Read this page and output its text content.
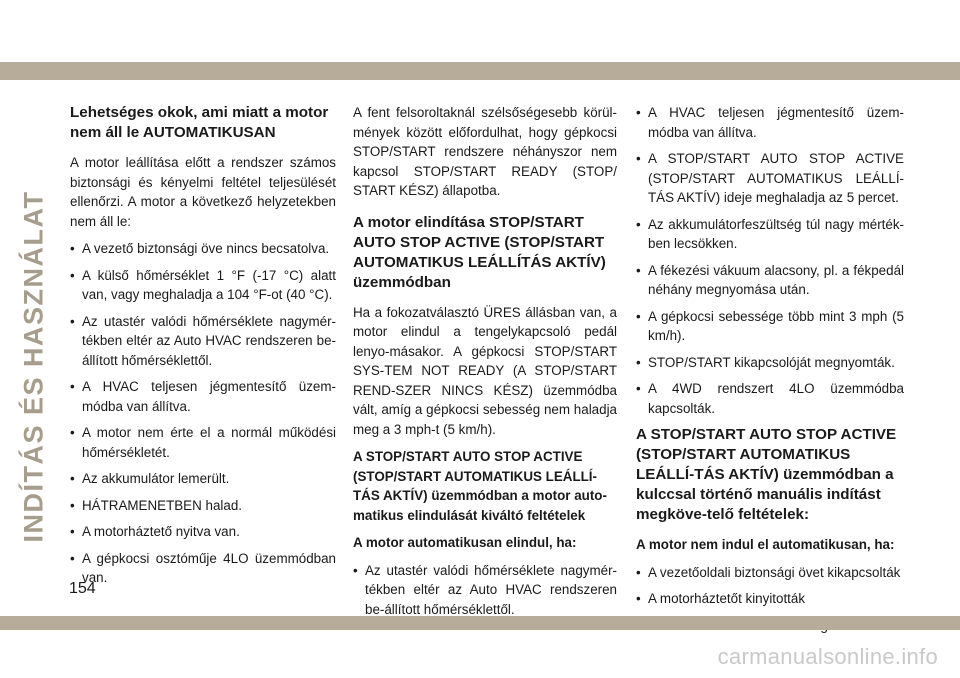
INDÍTÁS ÉS HASZNÁLAT
Lehetséges okok, ami miatt a motor nem áll le AUTOMATIKUSAN

A motor leállítása előtt a rendszer számos biztonsági és kényelmi feltétel teljesülését ellenőrzi. A motor a következő helyzetekben nem áll le:

• A vezető biztonsági öve nincs becsatolva.
• A külső hőmérséklet 1 °F (-17 °C) alatt van, vagy meghaladja a 104 °F-ot (40 °C).
• Az utastér valódi hőmérséklete nagymér-tékben eltér az Auto HVAC rendszeren be-állított hőmérséklettől.
• A HVAC teljesen jégmentesítő üzem-módba van állítva.
• A motor nem érte el a normál működési hőmérsékletét.
• Az akkumulátor lemerült.
• HÁTRAMENETBEN halad.
• A motorháztető nyitva van.
• A gépkocsi osztóműje 4LO üzemmódban van.

A fent felsoroltaknál szélsőségesebb körül-mények között előfordulhat, hogy gépkocsi STOP/START rendszere néhányszor nem kapcsol STOP/START READY (STOP/ START KÉSZ) állapotba.

A motor elindítása STOP/START AUTO STOP ACTIVE (STOP/START AUTOMATIKUS LEÁLLÍTÁS AKTÍV) üzemmódban

Ha a fokozatválasztó ÜRES állásban van, a motor elindul a tengelykapcsoló pedál lenyo-másakor. A gépkocsi STOP/START SYS-TEM NOT READY (A STOP/START REND-SZER NINCS KÉSZ) üzemmódba vált, amíg a gépkocsi sebesség nem haladja meg a 3 mph-t (5 km/h).

A STOP/START AUTO STOP ACTIVE (STOP/START AUTOMATIKUS LEÁLLÍ-TÁS AKTÍV) üzemmódban a motor auto-matikus elindulását kiváltó feltételek
A motor automatikusan elindul, ha:
• Az utastér valódi hőmérséklete nagymér-tékben eltér az Auto HVAC rendszeren be-állított hőmérséklettől.
• A HVAC teljesen jégmentesítő üzem-módba van állítva.
• A STOP/START AUTO STOP ACTIVE (STOP/START AUTOMATIKUS LEÁLLÍ-TÁS AKTÍV) ideje meghaladja az 5 percet.
• Az akkumulátorfeszültség túl nagy mérték-ben lecsökken.
• A fékezési vákuum alacsony, pl. a fékpedál néhány megnyomása után.
• A gépkocsi sebessége több mint 3 mph (5 km/h).
• STOP/START kikapcsolóját megnyomták.
• A 4WD rendszert 4LO üzemmódba kapcsolták.
A STOP/START AUTO STOP ACTIVE (STOP/START AUTOMATIKUS LEÁLLÍ-TÁS AKTÍV) üzemmódban a kulccsal történő manuális indítást megköve-telő feltételek:
A motor nem indul el automatikusan, ha:
• A vezetőoldali biztonsági övet kikapcsolták
• A motorháztetőt kinyitották
•
154
carmanualsonline.info
